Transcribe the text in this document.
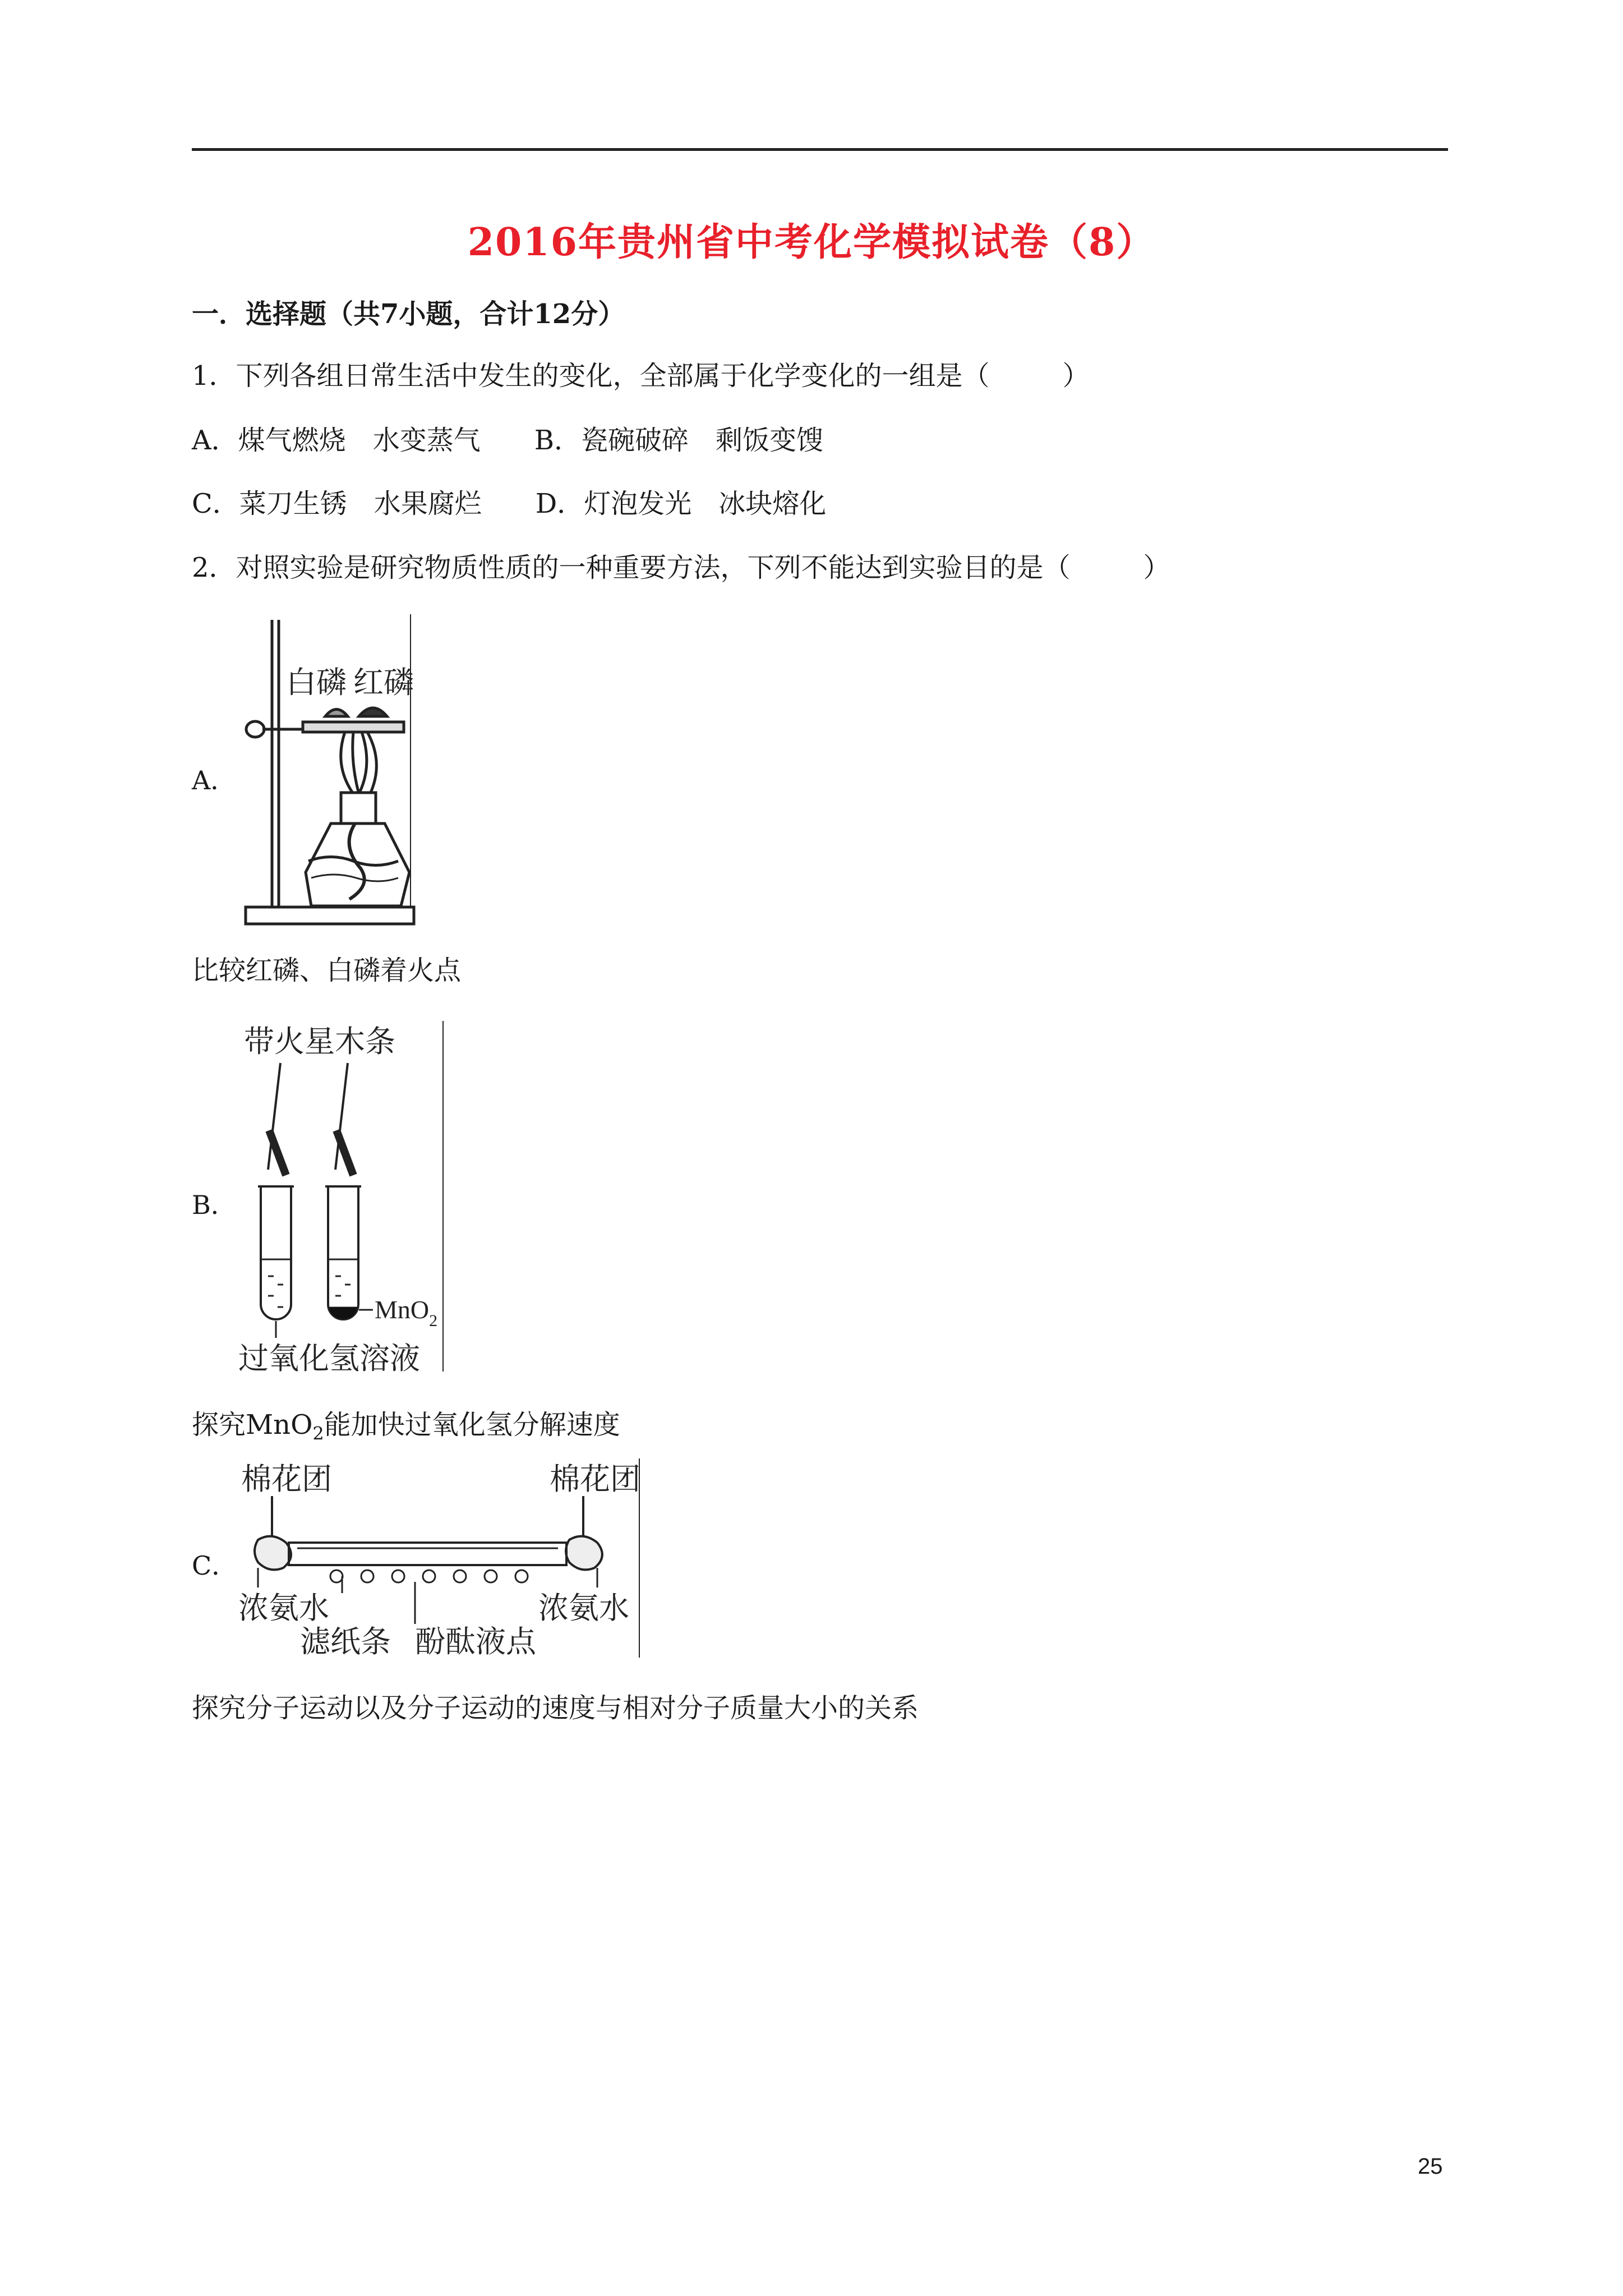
2016年贵州省中考化学模拟试卷（8）
一．选择题（共7小题，合计12分）
1．下列各组日常生活中发生的变化，全部属于化学变化的一组是（	）
A．煤气燃烧 水变蒸气 B．瓷碗破碎 剩饭变馊
C．菜刀生锈 水果腐烂 D．灯泡发光 冰块熔化
2．对照实验是研究物质性质的一种重要方法，下列不能达到实验目的是（	）
A．
白磷 红磷
比较红磷、白磷着火点
B．
带火星木条
MnO$_2$
过氧化氢溶液
探究MnO$_2$能加快过氧化氢分解速度
C．
棉花团	棉花团
浓氨水	浓氨水
滤纸条 酚酞液点
探究分子运动以及分子运动的速度与相对分子质量大小的关系
25
